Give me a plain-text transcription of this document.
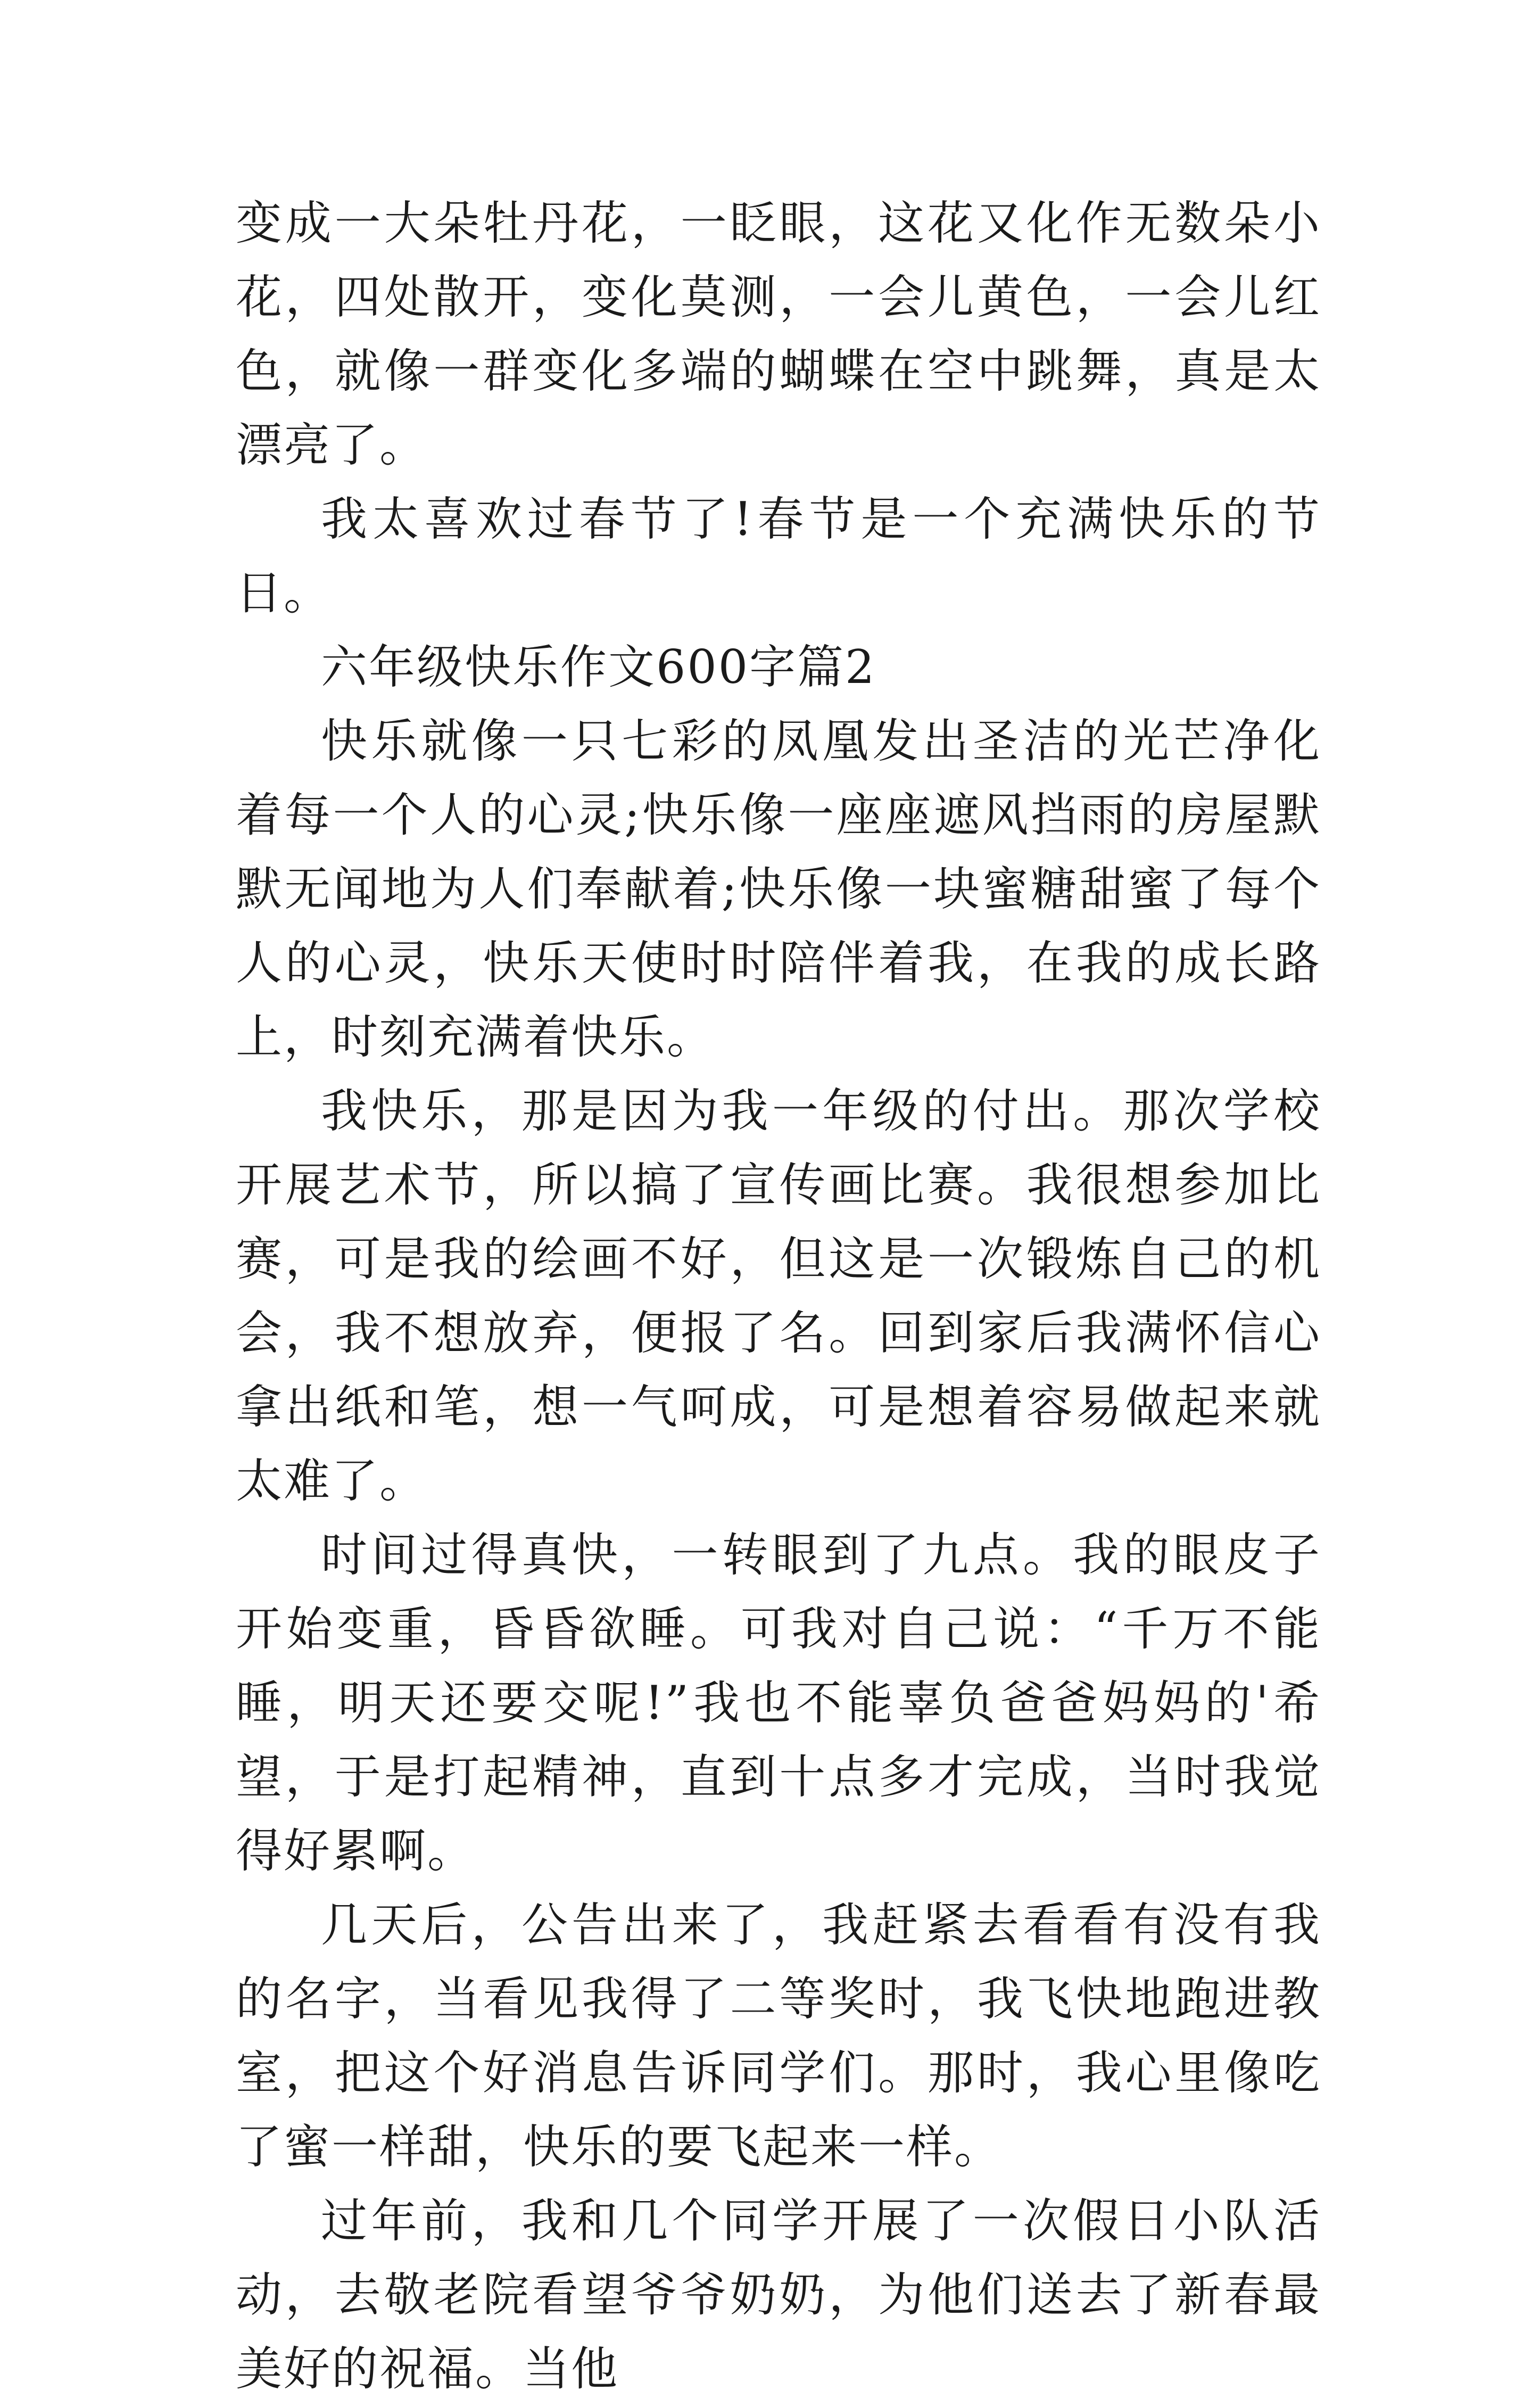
变成一大朵牡丹花，一眨眼，这花又化作无数朵小花，四处散开，变化莫测，一会儿黄色，一会儿红色，就像一群变化多端的蝴蝶在空中跳舞，真是太漂亮了。

我太喜欢过春节了!春节是一个充满快乐的节日。

六年级快乐作文600字篇2

快乐就像一只七彩的凤凰发出圣洁的光芒净化着每一个人的心灵;快乐像一座座遮风挡雨的房屋默默无闻地为人们奉献着;快乐像一块蜜糖甜蜜了每个人的心灵，快乐天使时时陪伴着我，在我的成长路上，时刻充满着快乐。

我快乐，那是因为我一年级的付出。那次学校开展艺术节，所以搞了宣传画比赛。我很想参加比赛，可是我的绘画不好，但这是一次锻炼自己的机会，我不想放弃，便报了名。回到家后我满怀信心拿出纸和笔，想一气呵成，可是想着容易做起来就太难了。

时间过得真快，一转眼到了九点。我的眼皮子开始变重，昏昏欲睡。可我对自己说：“千万不能睡，明天还要交呢!”我也不能辜负爸爸妈妈的'希望，于是打起精神，直到十点多才完成，当时我觉得好累啊。

几天后，公告出来了，我赶紧去看看有没有我的名字，当看见我得了二等奖时，我飞快地跑进教室，把这个好消息告诉同学们。那时，我心里像吃了蜜一样甜，快乐的要飞起来一样。

过年前，我和几个同学开展了一次假日小队活动，去敬老院看望爷爷奶奶，为他们送去了新春最美好的祝福。当他
